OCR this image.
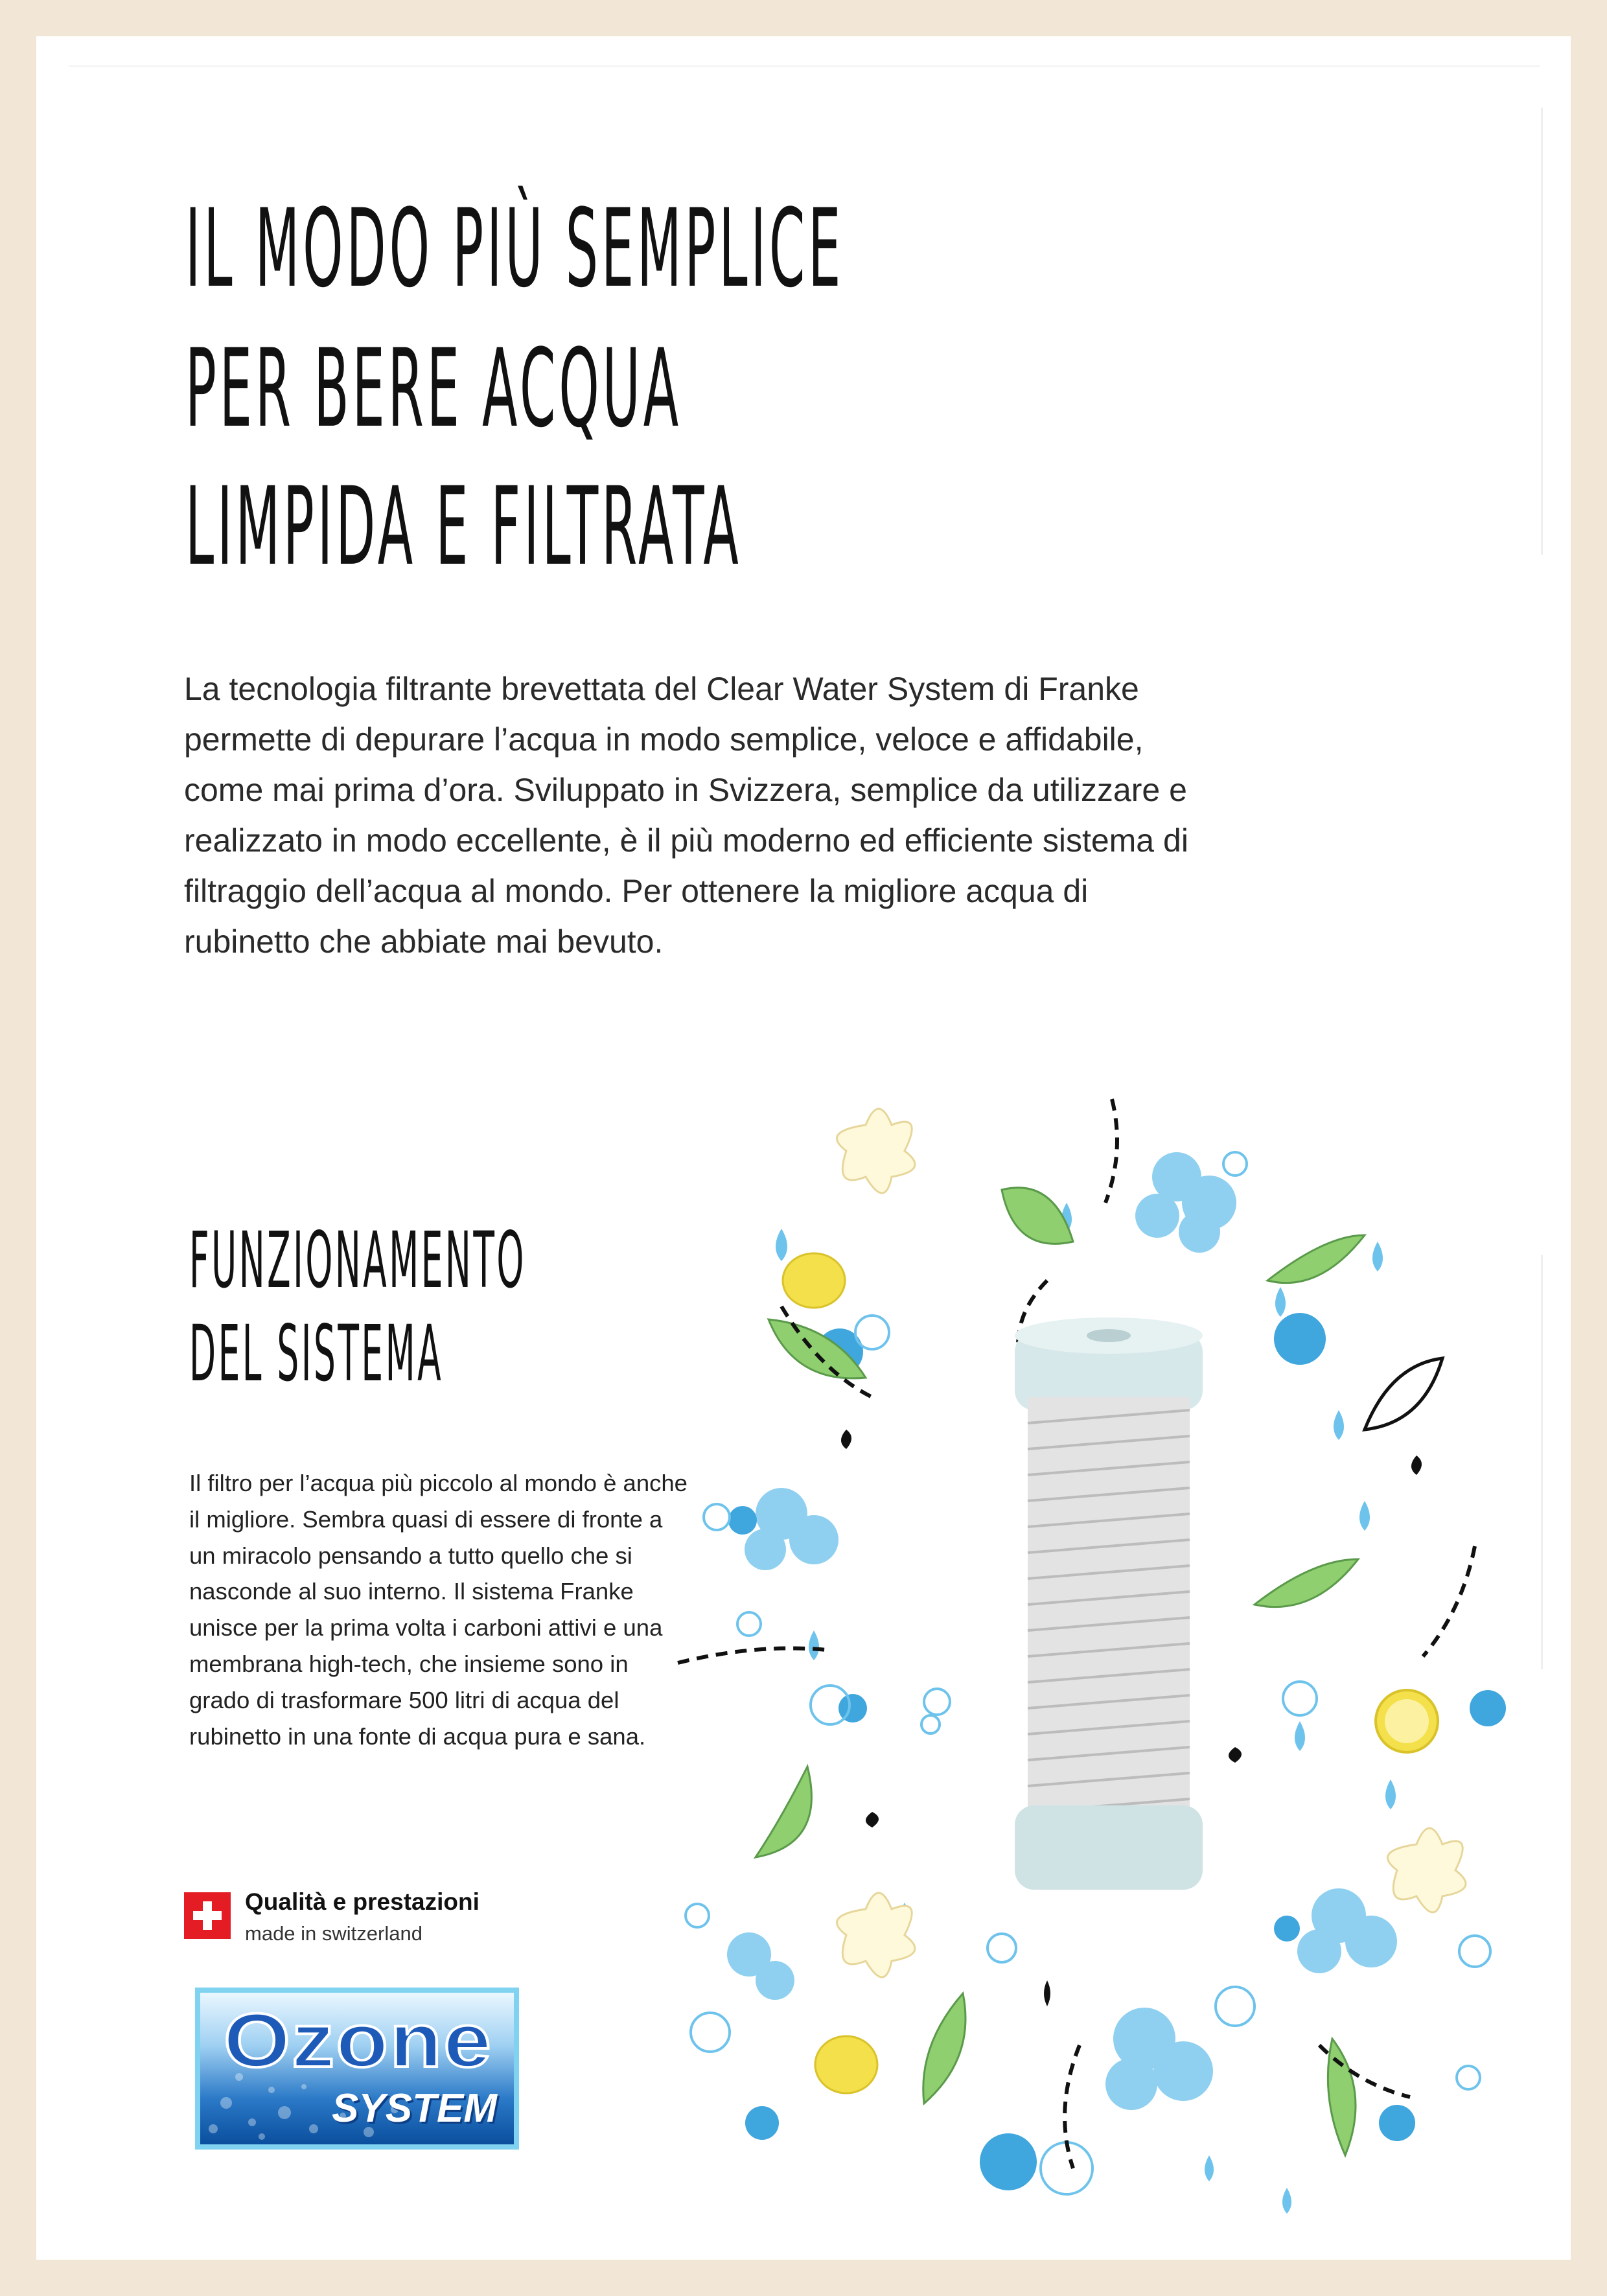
IL MODO PIÙ SEMPLICE
PER BERE ACQUA
LIMPIDA E FILTRATA

La tecnologia filtrante brevettata del Clear Water System di Franke permette di depurare l’acqua in modo semplice, veloce e affidabile, come mai prima d’ora. Sviluppato in Svizzera, semplice da utilizzare e realizzato in modo eccellente, è il più moderno ed efficiente sistema di filtraggio dell’acqua al mondo. Per ottenere la migliore acqua di rubinetto che abbiate mai bevuto.

FUNZIONAMENTO
DEL SISTEMA

Il filtro per l’acqua più piccolo al mondo è anche il migliore. Sembra quasi di essere di fronte a un miracolo pensando a tutto quello che si nasconde al suo interno. Il sistema Franke unisce per la prima volta i carboni attivi e una membrana high-tech, che insieme sono in grado di trasformare 500 litri di acqua del rubinetto in una fonte di acqua pura e sana.

Qualità e prestazioni
made in switzerland
Ozone
SYSTEM
